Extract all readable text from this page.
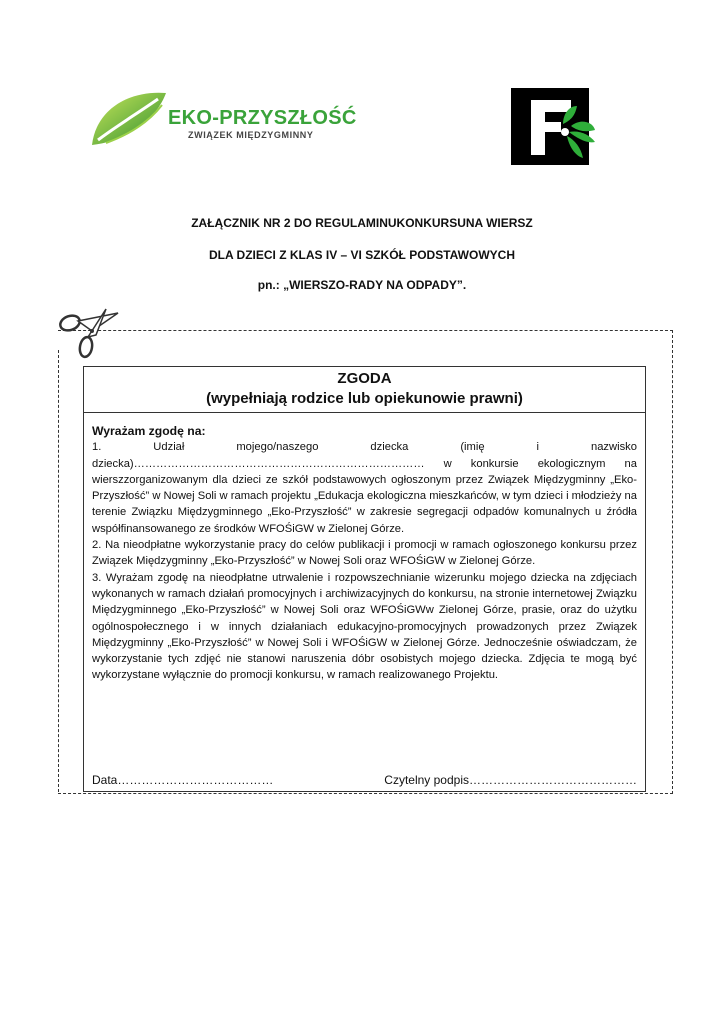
EKO-PRZYSZŁOŚĆ
ZWIĄZEK MIĘDZYGMINNY
ZAŁĄCZNIK NR 2 DO REGULAMINUKONKURSUNA WIERSZ
DLA DZIECI Z KLAS IV – VI SZKÓŁ PODSTAWOWYCH
pn.: „WIERSZO-RADY NA ODPADY”.
ZGODA
(wypełniają rodzice lub opiekunowie prawni)

Wyrażam zgodę na:

1. Udział mojego/naszego dziecka (imię i nazwisko dziecka)…………………………………………………………………… w konkursie ekologicznym na wierszzorganizowanym dla dzieci ze szkół podstawowych ogłoszonym przez Związek Międzygminny „Eko-Przyszłość” w Nowej Soli w ramach projektu „Edukacja ekologiczna mieszkańców, w tym dzieci i młodzieży na terenie Związku Międzygminnego „Eko-Przyszłość” w zakresie segregacji odpadów komunalnych u źródła współfinansowanego ze środków WFOŚiGW w Zielonej Górze.

2. Na nieodpłatne wykorzystanie pracy do celów publikacji i promocji w ramach ogłoszonego konkursu przez Związek Międzygminny „Eko-Przyszłość” w Nowej Soli oraz WFOŚiGW w Zielonej Górze.

3. Wyrażam zgodę na nieodpłatne utrwalenie i rozpowszechnianie wizerunku mojego dziecka na zdjęciach wykonanych w ramach działań promocyjnych i archiwizacyjnych do konkursu, na stronie internetowej Związku Międzygminnego „Eko-Przyszłość” w Nowej Soli oraz WFOŚiGWw Zielonej Górze, prasie, oraz do użytku ogólnospołecznego i w innych działaniach edukacyjno-promocyjnych prowadzonych przez Związek Międzygminny „Eko-Przyszłość” w Nowej Soli i WFOŚiGW w Zielonej Górze. Jednocześnie oświadczam, że wykorzystanie tych zdjęć nie stanowi naruszenia dóbr osobistych mojego dziecka. Zdjęcia te mogą być wykorzystane wyłącznie do promocji konkursu, w ramach realizowanego Projektu.

Data…………………………………	Czytelny podpis……………………………………
